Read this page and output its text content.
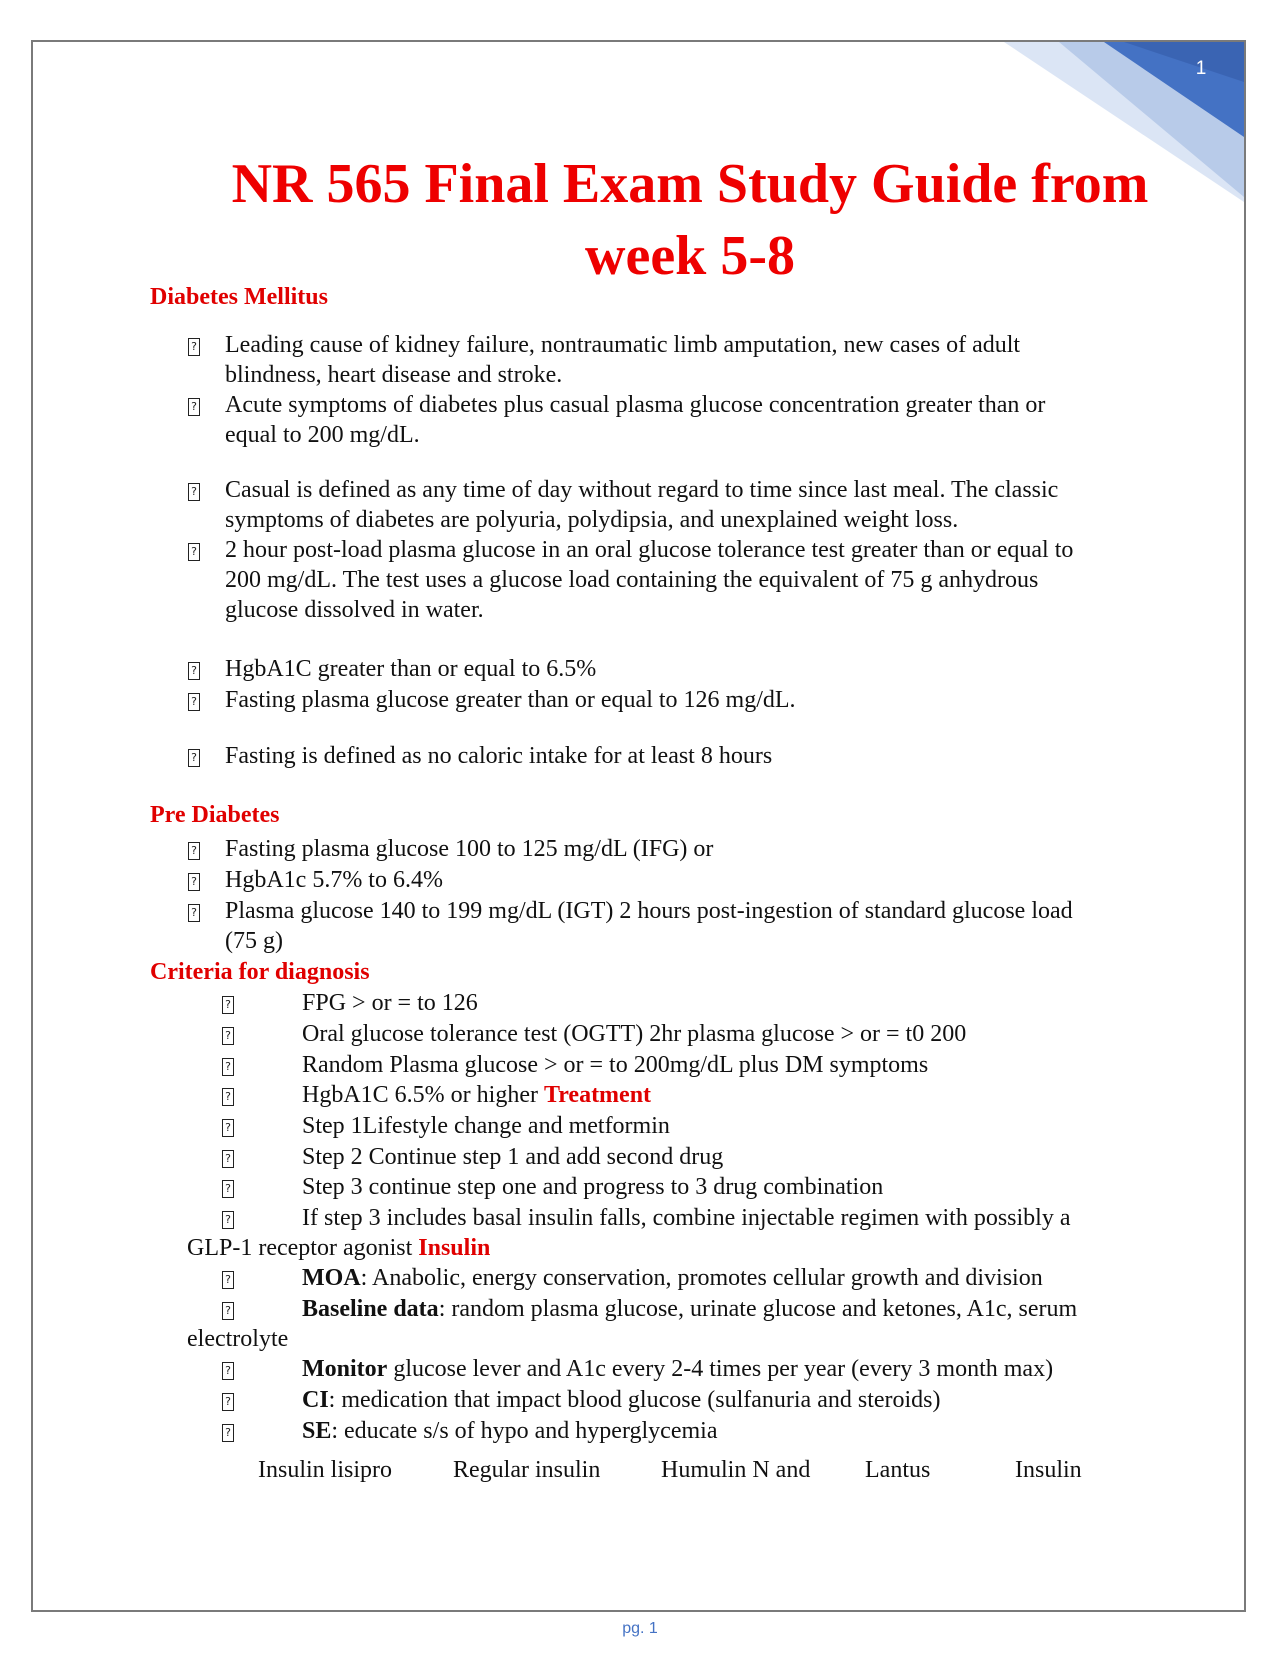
1
NR 565 Final Exam Study Guide from
week 5-8
Diabetes Mellitus
? Leading cause of kidney failure, nontraumatic limb amputation, new cases of adult
blindness, heart disease and stroke.
? Acute symptoms of diabetes plus casual plasma glucose concentration greater than or
equal to 200 mg/dL.
? Casual is defined as any time of day without regard to time since last meal. The classic
symptoms of diabetes are polyuria, polydipsia, and unexplained weight loss.
? 2 hour post-load plasma glucose in an oral glucose tolerance test greater than or equal to
200 mg/dL. The test uses a glucose load containing the equivalent of 75 g anhydrous
glucose dissolved in water.
? HgbA1C greater than or equal to 6.5%
? Fasting plasma glucose greater than or equal to 126 mg/dL.
? Fasting is defined as no caloric intake for at least 8 hours
Pre Diabetes
? Fasting plasma glucose 100 to 125 mg/dL (IFG) or
? HgbA1c 5.7% to 6.4%
? Plasma glucose 140 to 199 mg/dL (IGT) 2 hours post-ingestion of standard glucose load
(75 g)
Criteria for diagnosis
?	FPG > or = to 126
?	Oral glucose tolerance test (OGTT) 2hr plasma glucose > or = t0 200
?	Random Plasma glucose > or = to 200mg/dL plus DM symptoms
?	HgbA1C 6.5% or higher Treatment
?	Step 1Lifestyle change and metformin
?	Step 2 Continue step 1 and add second drug
?	Step 3 continue step one and progress to 3 drug combination
?	If step 3 includes basal insulin falls, combine injectable regimen with possibly a
GLP-1 receptor agonist Insulin
?	MOA: Anabolic, energy conservation, promotes cellular growth and division
?	Baseline data: random plasma glucose, urinate glucose and ketones, A1c, serum
electrolyte
?	Monitor glucose lever and A1c every 2-4 times per year (every 3 month max)
?	CI: medication that impact blood glucose (sulfanuria and steroids)
?	SE: educate s/s of hypo and hyperglycemia
Insulin lisipro	Regular insulin	Humulin N and Lantus	Insulin
pg. 1
